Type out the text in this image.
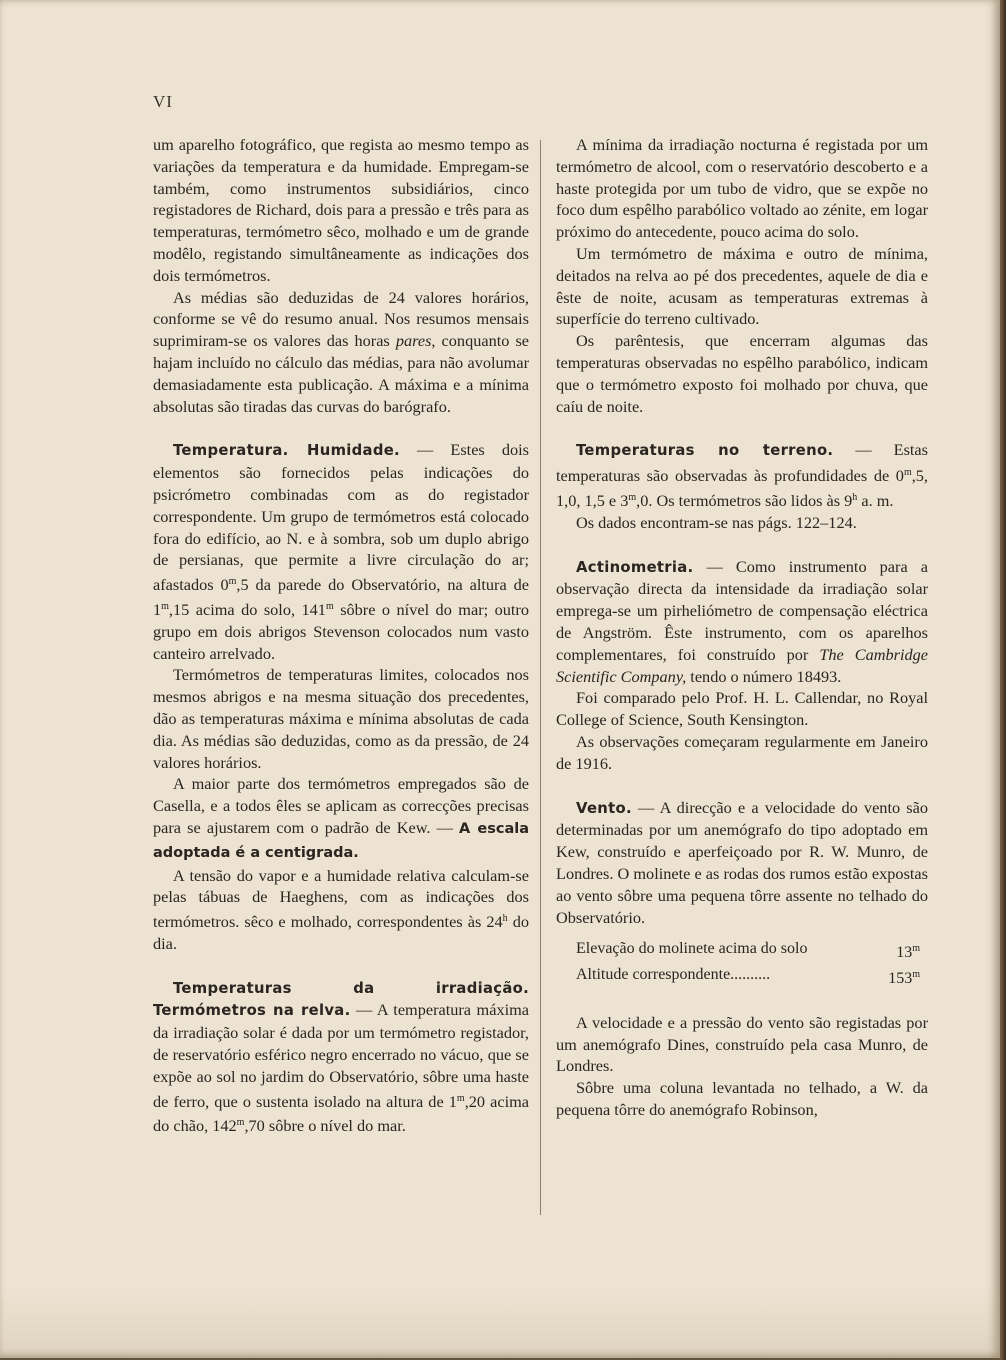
VI

um aparelho fotográfico, que regista ao mesmo tempo as variações da temperatura e da humidade. Empregam-se também, como instrumentos subsidiários, cinco registadores de Richard, dois para a pressão e três para as temperaturas, termómetro sêco, molhado e um de grande modêlo, registando simultâneamente as indicações dos dois termómetros.

As médias são deduzidas de 24 valores horários, conforme se vê do resumo anual. Nos resumos mensais suprimiram-se os valores das horas pares, conquanto se hajam incluído no cálculo das médias, para não avolumar demasiadamente esta publicação. A máxima e a mínima absolutas são tiradas das curvas do barógrafo.

Temperatura. Humidade. — Estes dois elementos são fornecidos pelas indicações do psicrómetro combinadas com as do registador correspondente. Um grupo de termómetros está colocado fora do edifício, ao N. e à sombra, sob um duplo abrigo de persianas, que permite a livre circulação do ar; afastados 0$^m$,5 da parede do Observatório, na altura de 1$^m$,15 acima do solo, 141$^m$ sôbre o nível do mar; outro grupo em dois abrigos Stevenson colocados num vasto canteiro arrelvado.

Termómetros de temperaturas limites, colocados nos mesmos abrigos e na mesma situação dos precedentes, dão as temperaturas máxima e mínima absolutas de cada dia. As médias são deduzidas, como as da pressão, de 24 valores horários.

A maior parte dos termómetros empregados são de Casella, e a todos êles se aplicam as correcções precisas para se ajustarem com o padrão de Kew. — A escala adoptada é a centigrada.

A tensão do vapor e a humidade relativa calculam-se pelas tábuas de Haeghens, com as indicações dos termómetros. sêco e molhado, correspondentes às 24$^h$ do dia.

Temperaturas da irradiação. Termómetros na relva. — A temperatura máxima da irradiação solar é dada por um termómetro registador, de reservatório esférico negro encerrado no vácuo, que se expõe ao sol no jardim do Observatório, sôbre uma haste de ferro, que o sustenta isolado na altura de 1$^m$,20 acima do chão, 142$^m$,70 sôbre o nível do mar.

A mínima da irradiação nocturna é registada por um termómetro de alcool, com o reservatório descoberto e a haste protegida por um tubo de vidro, que se expõe no foco dum espêlho parabólico voltado ao zénite, em logar próximo do antecedente, pouco acima do solo.

Um termómetro de máxima e outro de mínima, deitados na relva ao pé dos precedentes, aquele de dia e êste de noite, acusam as temperaturas extremas à superfície do terreno cultivado.

Os parêntesis, que encerram algumas das temperaturas observadas no espêlho parabólico, indicam que o termómetro exposto foi molhado por chuva, que caíu de noite.

Temperaturas no terreno. — Estas temperaturas são observadas às profundidades de 0$^m$,5, 1,0, 1,5 e 3$^m$,0. Os termómetros são lidos às 9$^h$ a. m.

Os dados encontram-se nas págs. 122–124.

Actinometria. — Como instrumento para a observação directa da intensidade da irradiação solar emprega-se um pirheliómetro de compensação eléctrica de Angström. Êste instrumento, com os aparelhos complementares, foi construído por The Cambridge Scientific Company, tendo o número 18493.

Foi comparado pelo Prof. H. L. Callendar, no Royal College of Science, South Kensington.

As observações começaram regularmente em Janeiro de 1916.

Vento. — A direcção e a velocidade do vento são determinadas por um anemógrafo do tipo adoptado em Kew, construído e aperfeiçoado por R. W. Munro, de Londres. O molinete e as rodas dos rumos estão expostas ao vento sôbre uma pequena tôrre assente no telhado do Observatório.

Elevação do molinete acima do solo	13$^m$
Altitude correspondente..........	153$^m$

A velocidade e a pressão do vento são registadas por um anemógrafo Dines, construído pela casa Munro, de Londres.

Sôbre uma coluna levantada no telhado, a W. da pequena tôrre do anemógrafo Robinson,
